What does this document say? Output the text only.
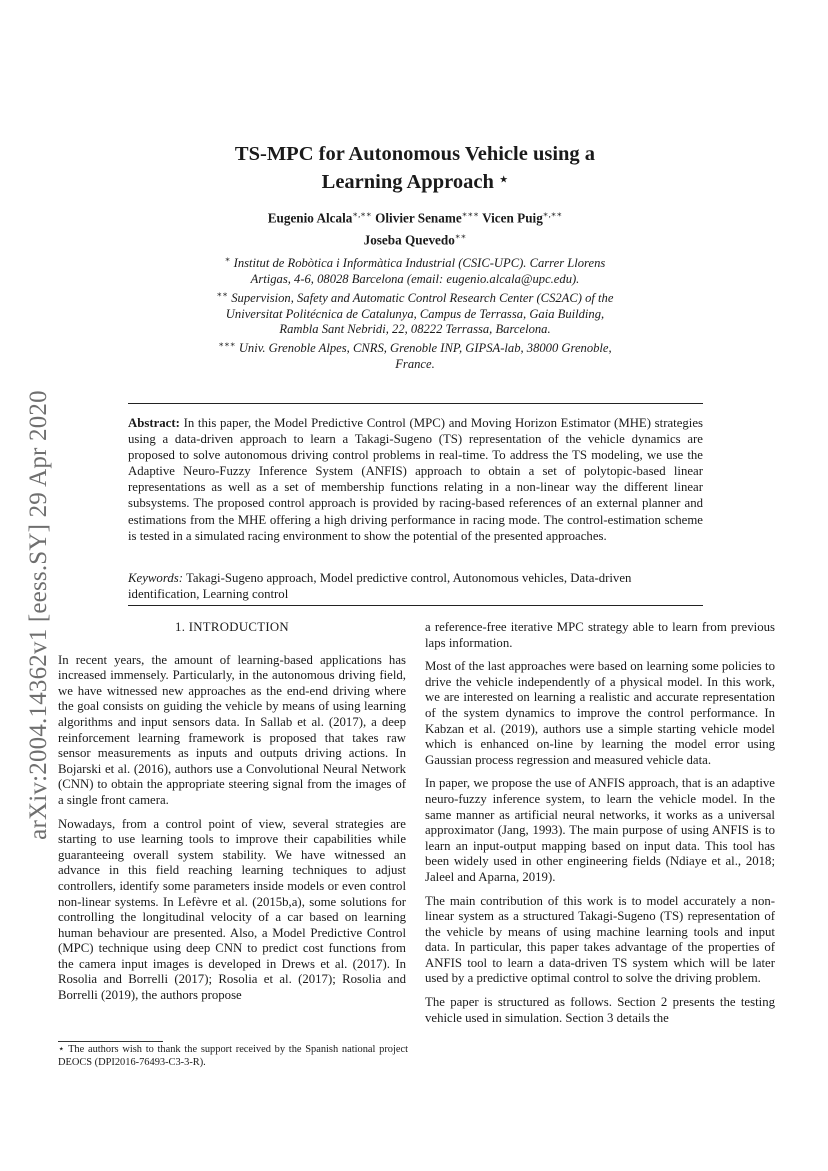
arXiv:2004.14362v1 [eess.SY] 29 Apr 2020
TS-MPC for Autonomous Vehicle using a
Learning Approach ⋆
Eugenio Alcala∗,∗∗ Olivier Sename∗∗∗ Vicen Puig∗,∗∗
Joseba Quevedo∗∗
∗ Institut de Robòtica i Informàtica Industrial (CSIC-UPC). Carrer Llorens Artigas, 4-6, 08028 Barcelona (email: eugenio.alcala@upc.edu).
∗∗ Supervision, Safety and Automatic Control Research Center (CS2AC) of the Universitat Politécnica de Catalunya, Campus de Terrassa, Gaia Building, Rambla Sant Nebridi, 22, 08222 Terrassa, Barcelona.
∗∗∗ Univ. Grenoble Alpes, CNRS, Grenoble INP, GIPSA-lab, 38000 Grenoble, France.
Abstract: In this paper, the Model Predictive Control (MPC) and Moving Horizon Estimator (MHE) strategies using a data-driven approach to learn a Takagi-Sugeno (TS) representation of the vehicle dynamics are proposed to solve autonomous driving control problems in real-time. To address the TS modeling, we use the Adaptive Neuro-Fuzzy Inference System (ANFIS) approach to obtain a set of polytopic-based linear representations as well as a set of membership functions relating in a non-linear way the different linear subsystems. The proposed control approach is provided by racing-based references of an external planner and estimations from the MHE offering a high driving performance in racing mode. The control-estimation scheme is tested in a simulated racing environment to show the potential of the presented approaches.
Keywords: Takagi-Sugeno approach, Model predictive control, Autonomous vehicles, Data-driven identification, Learning control
1. INTRODUCTION

In recent years, the amount of learning-based applications has increased immensely. Particularly, in the autonomous driving field, we have witnessed new approaches as the end-end driving where the goal consists on guiding the vehicle by means of using learning algorithms and input sensors data. In Sallab et al. (2017), a deep reinforcement learning framework is proposed that takes raw sensor measurements as inputs and outputs driving actions. In Bojarski et al. (2016), authors use a Convolutional Neural Network (CNN) to obtain the appropriate steering signal from the images of a single front camera.

Nowadays, from a control point of view, several strategies are starting to use learning tools to improve their capabilities while guaranteeing overall system stability. We have witnessed an advance in this field reaching learning techniques to adjust controllers, identify some parameters inside models or even control non-linear systems. In Lefèvre et al. (2015b,a), some solutions for controlling the longitudinal velocity of a car based on learning human behaviour are presented. Also, a Model Predictive Control (MPC) technique using deep CNN to predict cost functions from the camera input images is developed in Drews et al. (2017). In Rosolia and Borrelli (2017); Rosolia et al. (2017); Rosolia and Borrelli (2019), the authors propose

a reference-free iterative MPC strategy able to learn from previous laps information.

Most of the last approaches were based on learning some policies to drive the vehicle independently of a physical model. In this work, we are interested on learning a realistic and accurate representation of the system dynamics to improve the control performance. In Kabzan et al. (2019), authors use a simple starting vehicle model which is enhanced on-line by learning the model error using Gaussian process regression and measured vehicle data.

In paper, we propose the use of ANFIS approach, that is an adaptive neuro-fuzzy inference system, to learn the vehicle model. In the same manner as artificial neural networks, it works as a universal approximator (Jang, 1993). The main purpose of using ANFIS is to learn an input-output mapping based on input data. This tool has been widely used in other engineering fields (Ndiaye et al., 2018; Jaleel and Aparna, 2019).

The main contribution of this work is to model accurately a non-linear system as a structured Takagi-Sugeno (TS) representation of the vehicle by means of using machine learning tools and input data. In particular, this paper takes advantage of the properties of ANFIS tool to learn a data-driven TS system which will be later used by a predictive optimal control to solve the driving problem.

The paper is structured as follows. Section 2 presents the testing vehicle used in simulation. Section 3 details the

⋆ The authors wish to thank the support received by the Spanish national project DEOCS (DPI2016-76493-C3-3-R).
